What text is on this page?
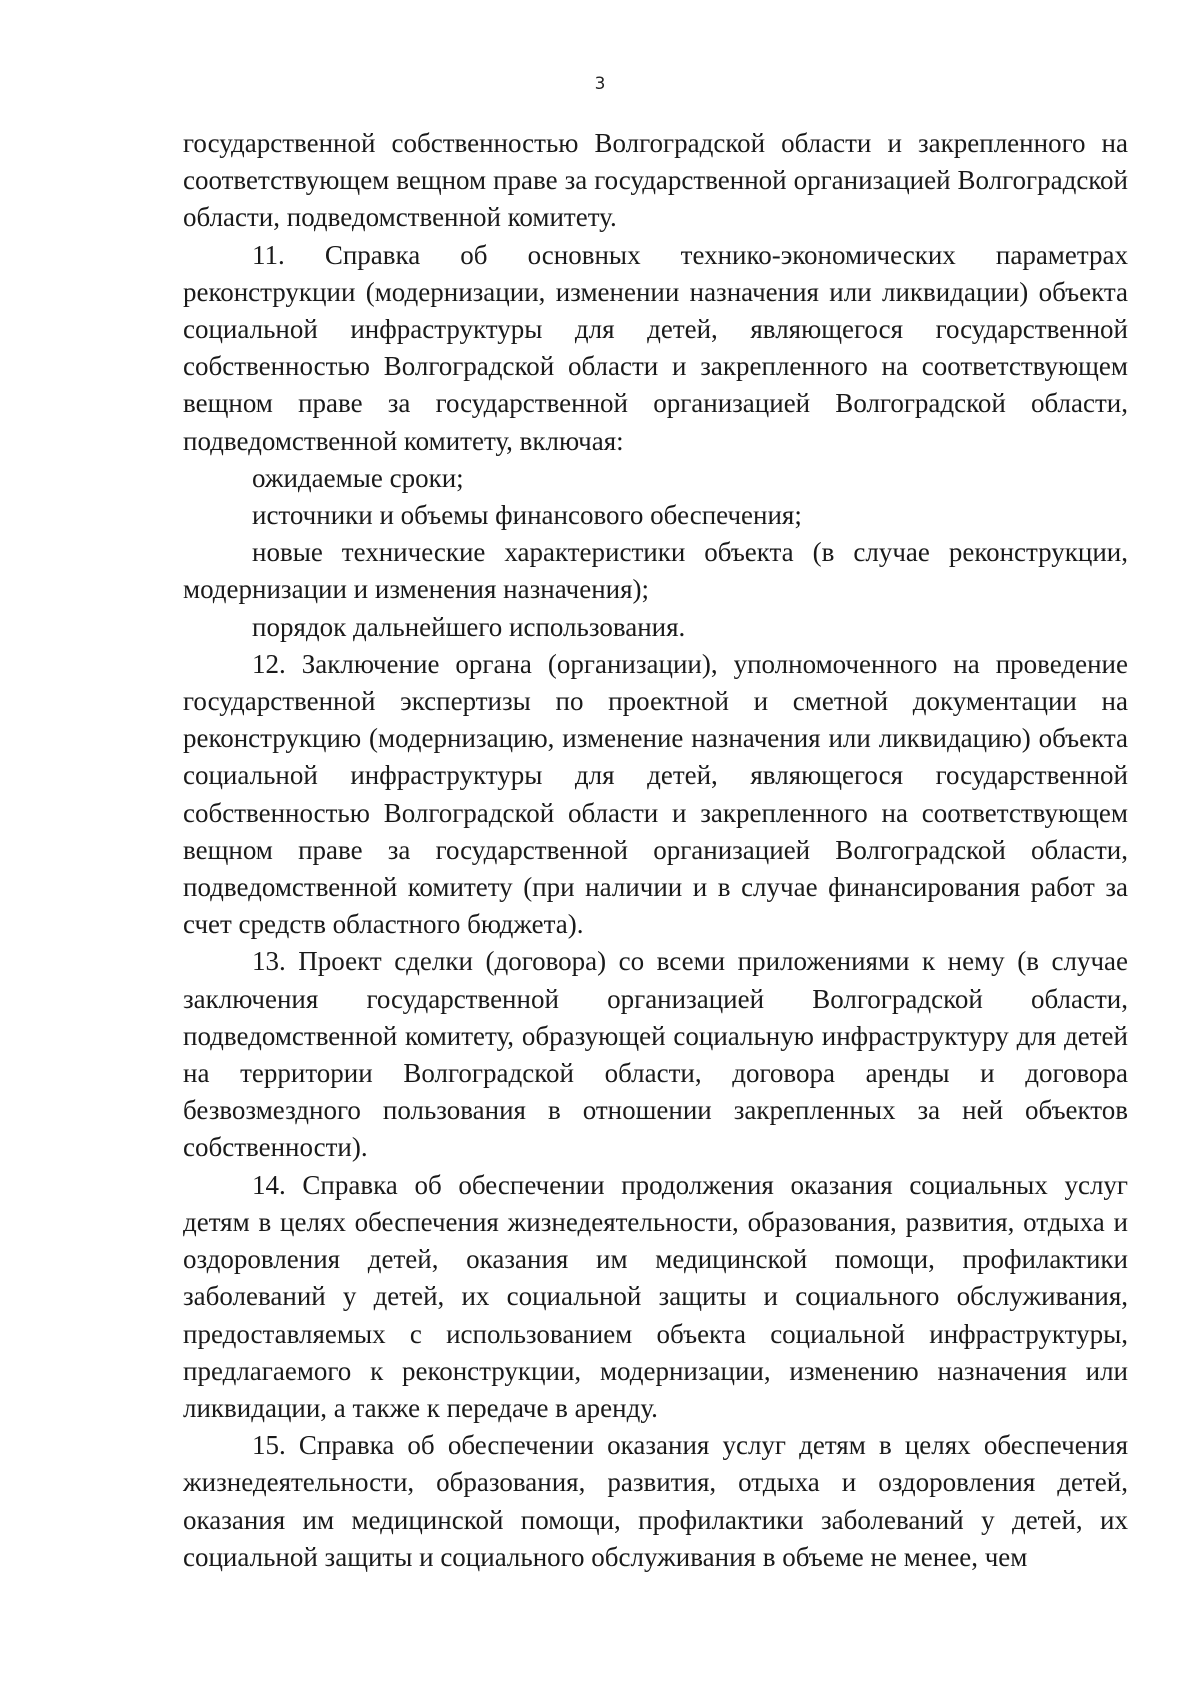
3

государственной собственностью Волгоградской области и закрепленного на соответствующем вещном праве за государственной организацией Волгоградской области, подведомственной комитету.

11. Справка об основных технико-экономических параметрах реконструкции (модернизации, изменении назначения или ликвидации) объекта социальной инфраструктуры для детей, являющегося государственной собственностью Волгоградской области и закрепленного на соответствующем вещном праве за государственной организацией Волгоградской области, подведомственной комитету, включая:

ожидаемые сроки;

источники и объемы финансового обеспечения;

новые технические характеристики объекта (в случае реконструкции, модернизации и изменения назначения);

порядок дальнейшего использования.

12. Заключение органа (организации), уполномоченного на проведение государственной экспертизы по проектной и сметной документации на реконструкцию (модернизацию, изменение назначения или ликвидацию) объекта социальной инфраструктуры для детей, являющегося государственной собственностью Волгоградской области и закрепленного на соответствующем вещном праве за государственной организацией Волгоградской области, подведомственной комитету (при наличии и в случае финансирования работ за счет средств областного бюджета).

13. Проект сделки (договора) со всеми приложениями к нему (в случае заключения государственной организацией Волгоградской области, подведомственной комитету, образующей социальную инфраструктуру для детей на территории Волгоградской области, договора аренды и договора безвозмездного пользования в отношении закрепленных за ней объектов собственности).

14. Справка об обеспечении продолжения оказания социальных услуг детям в целях обеспечения жизнедеятельности, образования, развития, отдыха и оздоровления детей, оказания им медицинской помощи, профилактики заболеваний у детей, их социальной защиты и социального обслуживания, предоставляемых с использованием объекта социальной инфраструктуры, предлагаемого к реконструкции, модернизации, изменению назначения или ликвидации, а также к передаче в аренду.

15. Справка об обеспечении оказания услуг детям в целях обеспечения жизнедеятельности, образования, развития, отдыха и оздоровления детей, оказания им медицинской помощи, профилактики заболеваний у детей, их социальной защиты и социального обслуживания в объеме не менее, чем
